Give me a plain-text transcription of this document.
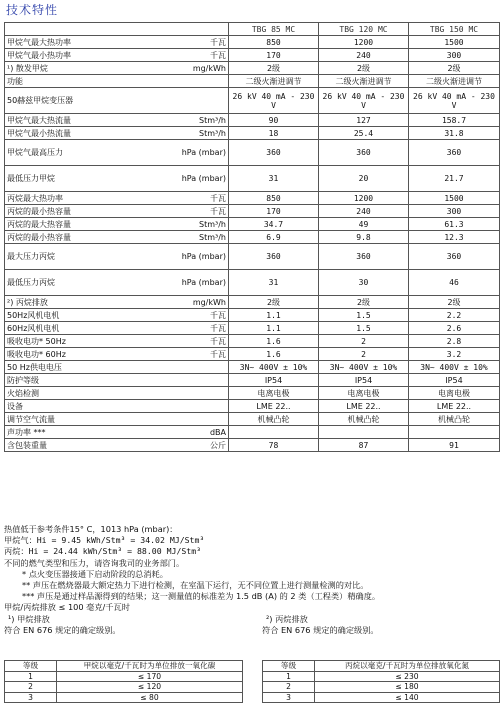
技术特性
		TBG 85 MC	TBG 120 MC	TBG 150 MC
甲烷气最大热功率	千瓦	850	1200	1500
甲烷气最小热功率	千瓦	170	240	300
¹) 散发甲烷	mg/kWh	2级	2级	2级
功能		二级火渐进调节	二级火渐进调节	二级火渐进调节
50赫兹甲烷变压器		26 kV 40 mA - 230 V	26 kV 40 mA - 230 V	26 kV 40 mA - 230 V
甲烷气最大热流量	Stm³/h	90	127	158.7
甲烷气最小热流量	Stm³/h	18	25.4	31.8
甲烷气最高压力	hPa (mbar)	360	360	360
最低压力甲烷	hPa (mbar)	31	20	21.7
丙烷最大热功率	千瓦	850	1200	1500
丙烷的最小热容量	千瓦	170	240	300
丙烷的最大热容量	Stm³/h	34.7	49	61.3
丙烷的最小热容量	Stm³/h	6.9	9.8	12.3
最大压力丙烷	hPa (mbar)	360	360	360
最低压力丙烷	hPa (mbar)	31	30	46
²) 丙烷排放	mg/kWh	2级	2级	2级
50Hz风机电机	千瓦	1.1	1.5	2.2
60Hz风机电机	千瓦	1.1	1.5	2.6
吸收电功* 50Hz	千瓦	1.6	2	2.8
吸收电功* 60Hz	千瓦	1.6	2	3.2
50 Hz供电电压		3N~ 400V ± 10%	3N~ 400V ± 10%	3N~ 400V ± 10%
防护等级		IP54	IP54	IP54
火焰检测		电离电极	电离电极	电离电极
设备		LME 22..	LME 22..	LME 22..
调节空气流量		机械凸轮	机械凸轮	机械凸轮
声功率 ***	dBA			
含包装重量	公斤	78	87	91

热值低于参考条件15° C，1013 hPa (mbar)：

甲烷气：Hi = 9.45 kWh/Stm³ = 34.02 MJ/Stm³

丙烷：Hi = 24.44 kWh/Stm³ = 88.00 MJ/Stm³

不同的燃气类型和压力，请咨询我司的业务部门。

* 点火变压器接通下启动阶段的总消耗。

** 声压在燃烧器最大额定热力下进行检测，在室温下运行，无不同位置上进行测量检测的对比。

*** 声压是通过样品源得到的结果；这一测量值的标准差为 1.5 dB (A) 的 2 类（工程类）精确度。

甲烷/丙烷排放 ≤ 100 毫克/千瓦时

¹) 甲烷排放
符合 EN 676 规定的确定级别。
²) 丙烷排放
符合 EN 676 规定的确定级别。
等级	甲烷以毫克/千瓦时为单位排放一氧化碳
1	≤ 170
2	≤ 120
3	≤ 80
等级	丙烷以毫克/千瓦时为单位排放氧化氮
1	≤ 230
2	≤ 180
3	≤ 140
